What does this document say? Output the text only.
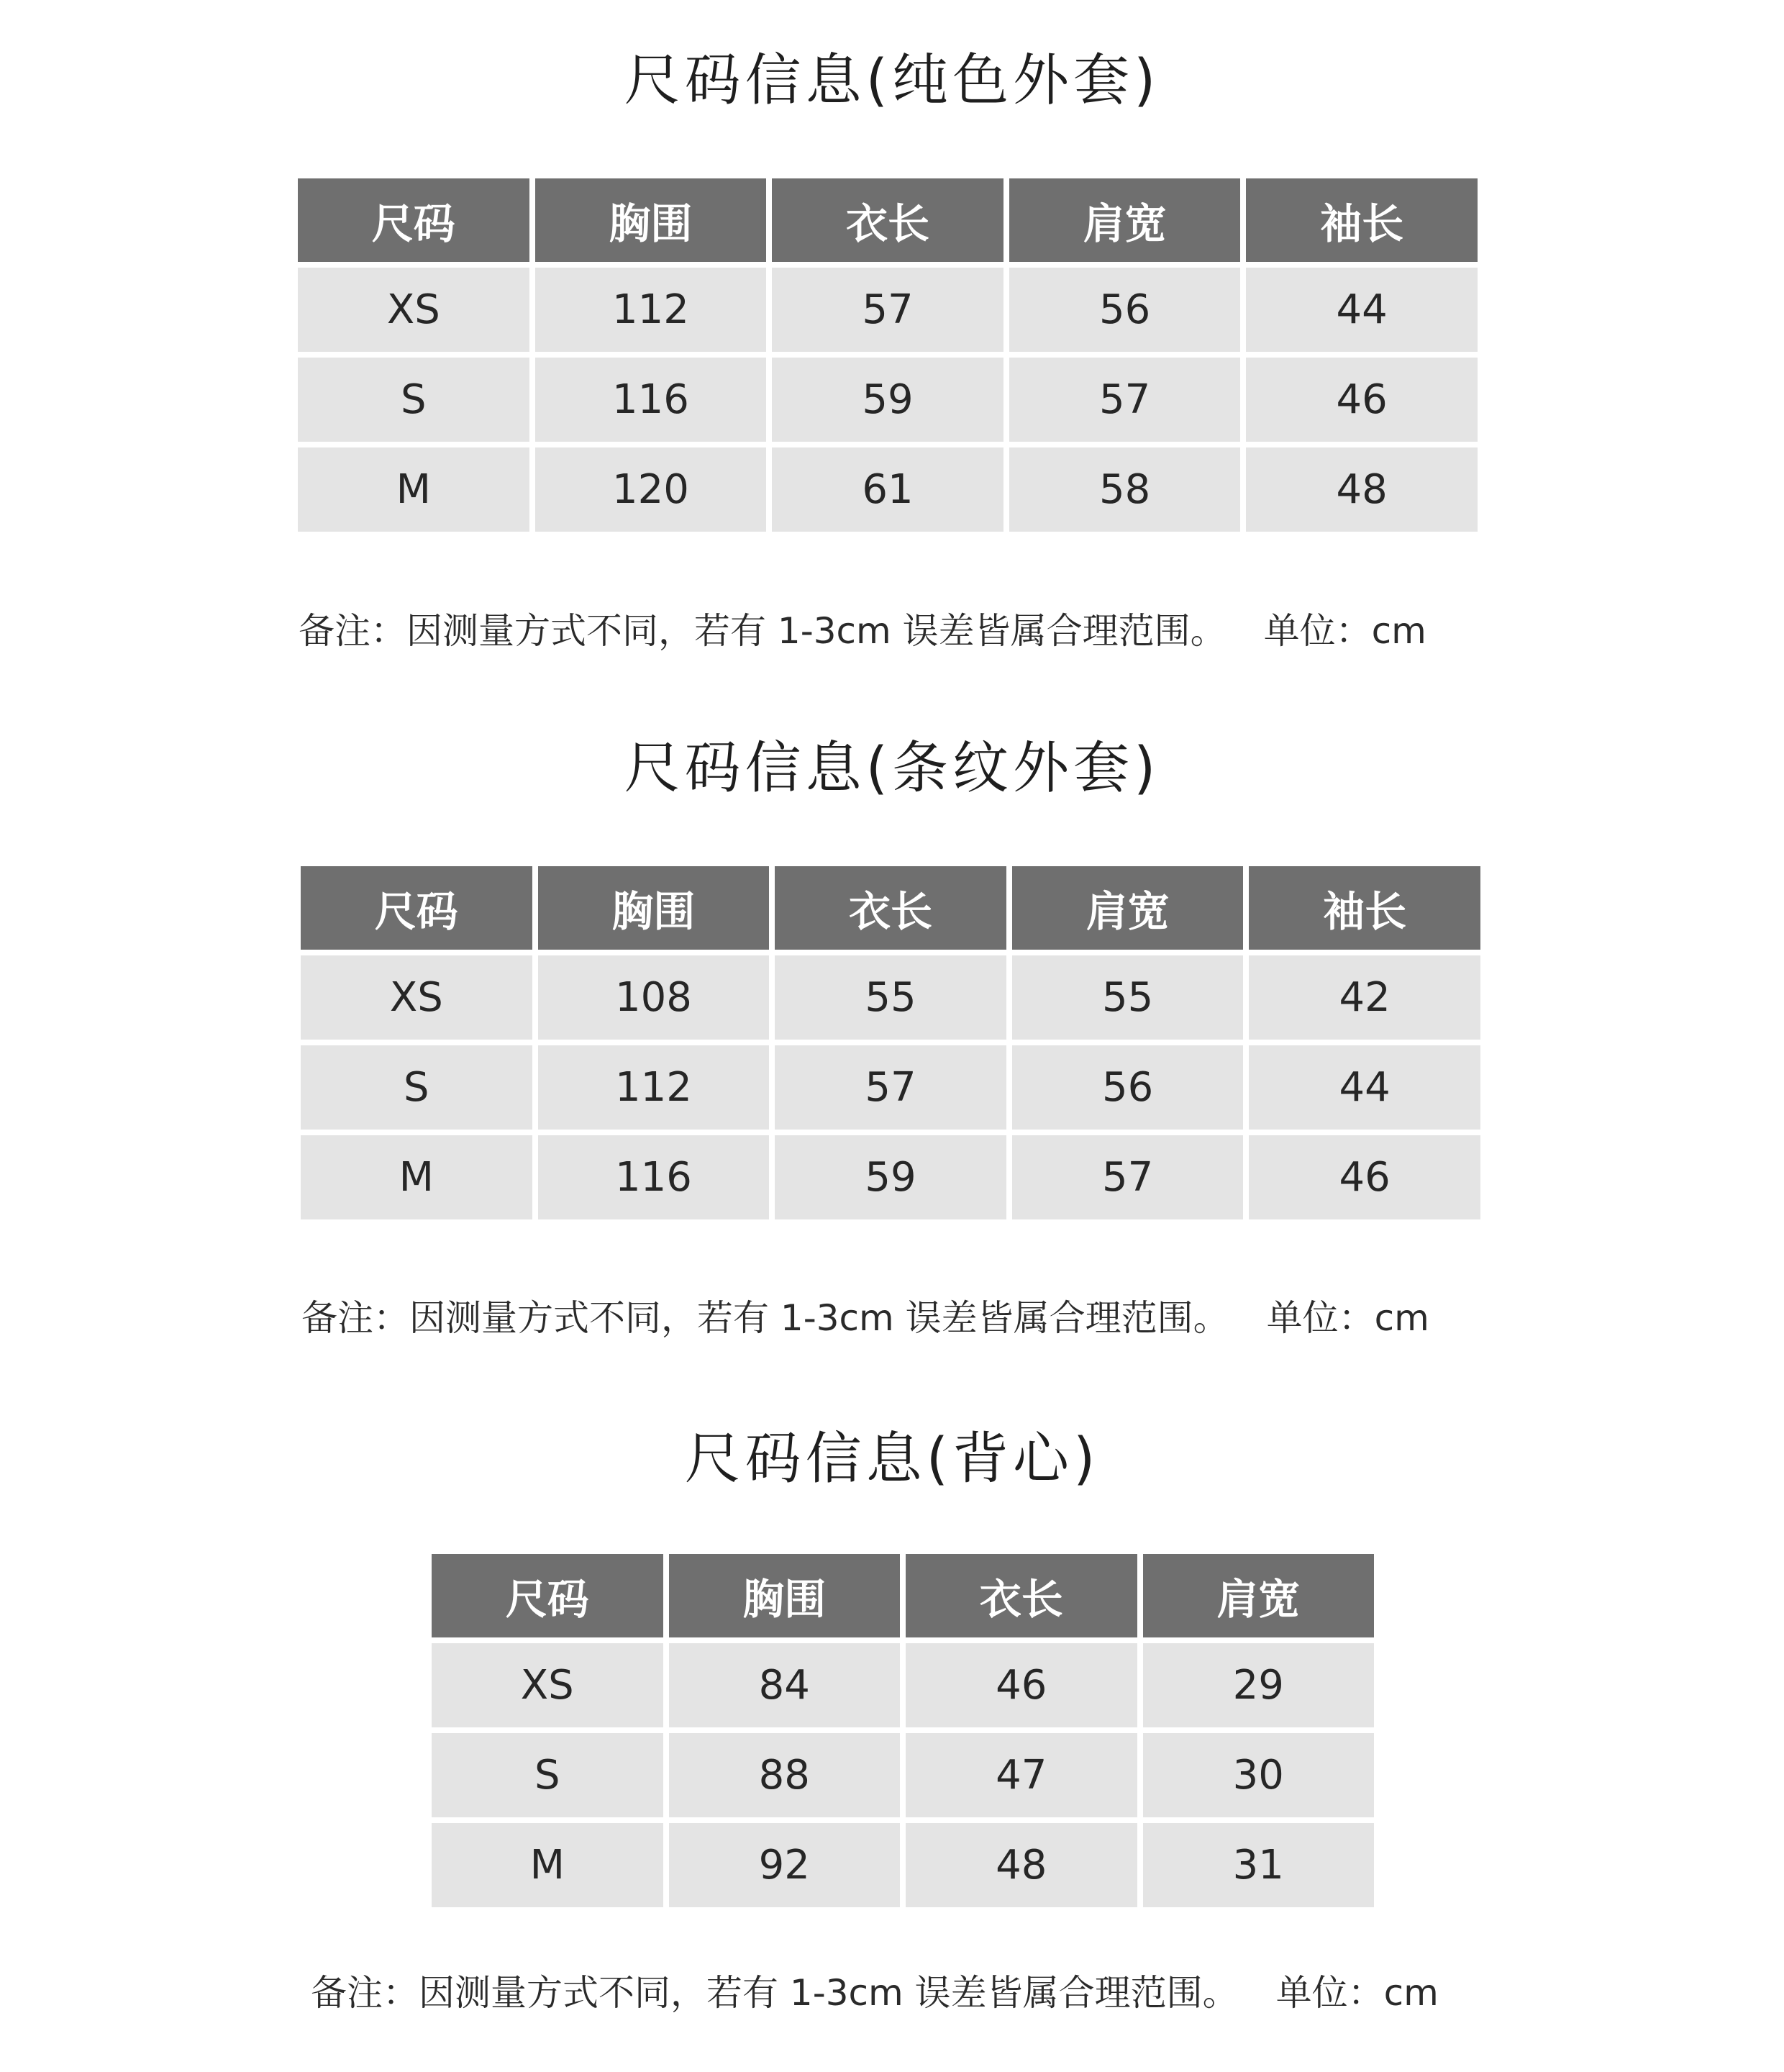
尺码信息(纯色外套)
尺码	胸围	衣长	肩宽	袖长
XS	112	57	56	44
S	116	59	57	46
M	120	61	58	48
备注：因测量方式不同，若有 1-3cm 误差皆属合理范围。 单位：cm
尺码信息(条纹外套)
尺码	胸围	衣长	肩宽	袖长
XS	108	55	55	42
S	112	57	56	44
M	116	59	57	46
备注：因测量方式不同，若有 1-3cm 误差皆属合理范围。 单位：cm
尺码信息(背心)
尺码	胸围	衣长	肩宽
XS	84	46	29
S	88	47	30
M	92	48	31
备注：因测量方式不同，若有 1-3cm 误差皆属合理范围。 单位：cm
